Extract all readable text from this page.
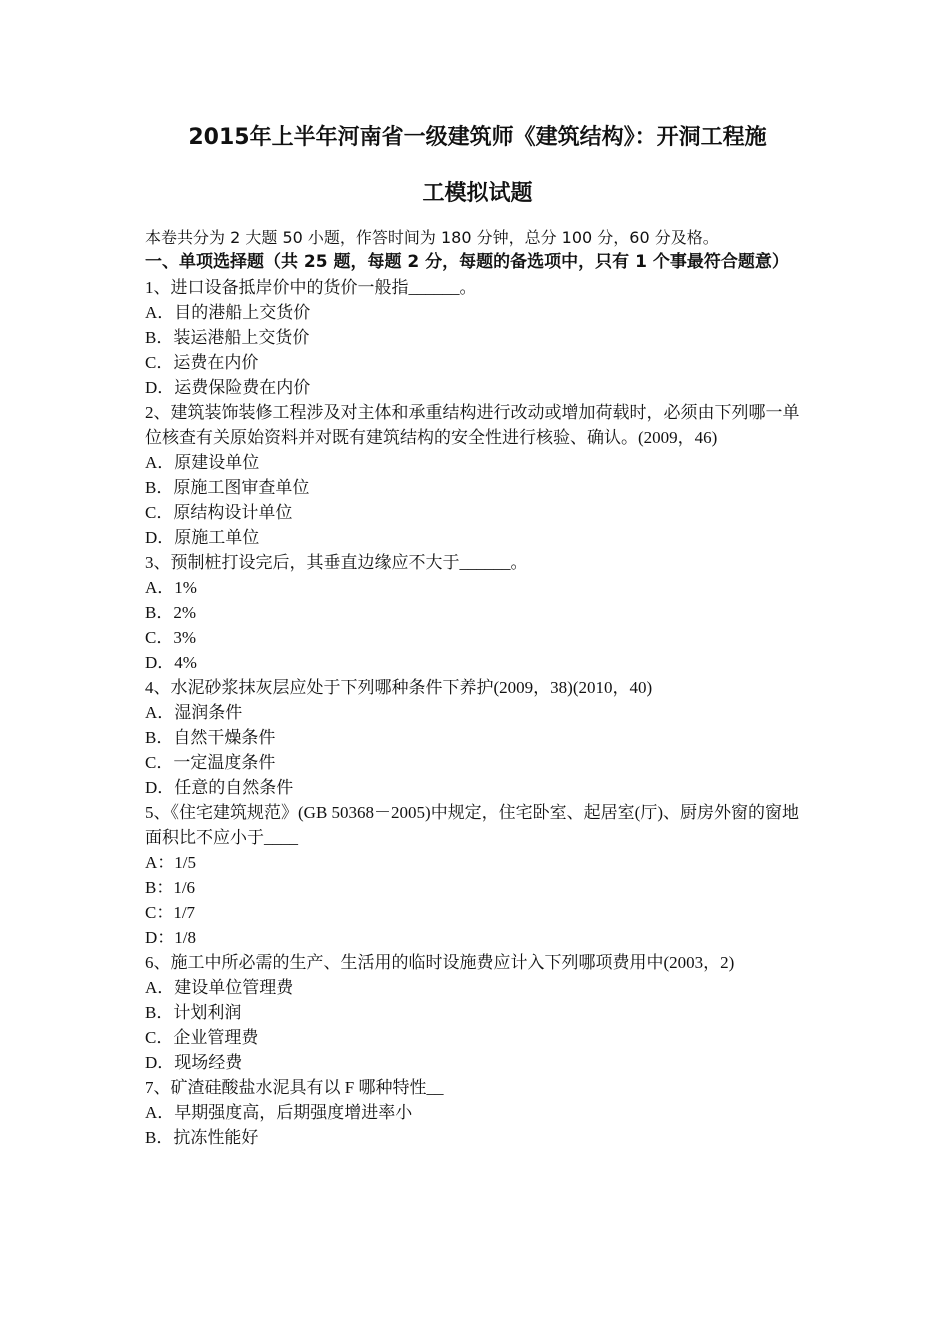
2015年上半年河南省一级建筑师《建筑结构》：开洞工程施
工模拟试题
本卷共分为 2 大题 50 小题，作答时间为 180 分钟，总分 100 分，60 分及格。
一、单项选择题（共 25 题，每题 2 分，每题的备选项中，只有 1 个事最符合题意）

1、进口设备抵岸价中的货价一般指______。

A．目的港船上交货价

B．装运港船上交货价

C．运费在内价

D．运费保险费在内价

2、建筑装饰装修工程涉及对主体和承重结构进行改动或增加荷载时，必须由下列哪一单位核查有关原始资料并对既有建筑结构的安全性进行核验、确认。(2009，46)

A．原建设单位

B．原施工图审查单位

C．原结构设计单位

D．原施工单位

3、预制桩打设完后，其垂直边缘应不大于______。

A．1%

B．2%

C．3%

D．4%

4、水泥砂浆抹灰层应处于下列哪种条件下养护(2009，38)(2010，40)

A．湿润条件

B．自然干燥条件

C．一定温度条件

D．任意的自然条件

5、《住宅建筑规范》(GB 50368－2005)中规定，住宅卧室、起居室(厅)、厨房外窗的窗地面积比不应小于____

A：1/5

B：1/6

C：1/7

D：1/8

6、施工中所必需的生产、生活用的临时设施费应计入下列哪项费用中(2003，2)

A．建设单位管理费

B．计划利润

C．企业管理费

D．现场经费

7、矿渣硅酸盐水泥具有以 F 哪种特性__

A．早期强度高，后期强度增进率小

B．抗冻性能好
